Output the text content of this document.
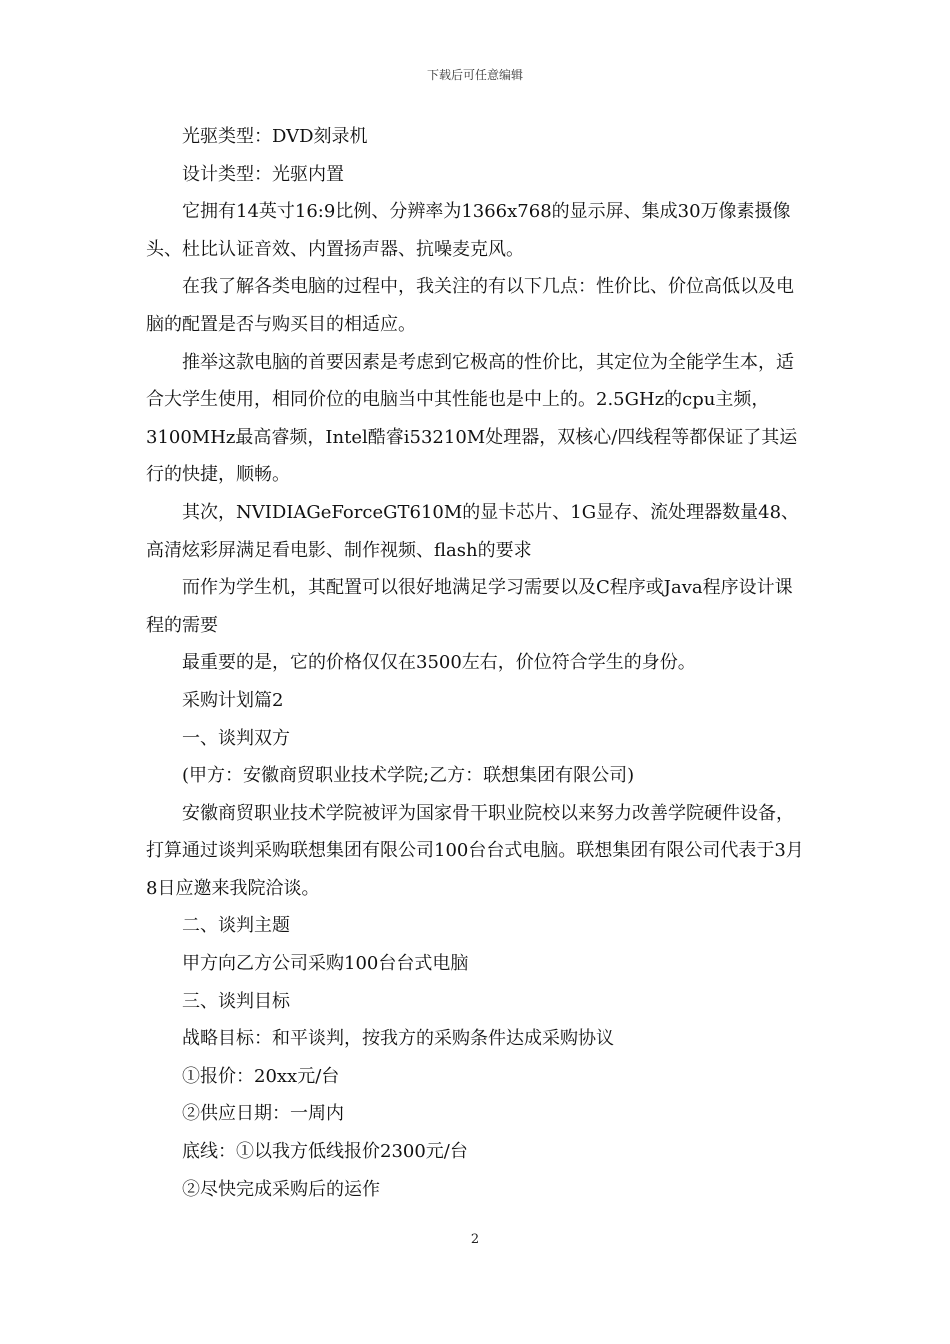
下载后可任意编辑

光驱类型：DVD刻录机

设计类型：光驱内置

它拥有14英寸16:9比例、分辨率为1366x768的显示屏、集成30万像素摄像头、杜比认证音效、内置扬声器、抗噪麦克风。

在我了解各类电脑的过程中，我关注的有以下几点：性价比、价位高低以及电脑的配置是否与购买目的相适应。

推举这款电脑的首要因素是考虑到它极高的性价比，其定位为全能学生本，适合大学生使用，相同价位的电脑当中其性能也是中上的。2.5GHz的cpu主频，3100MHz最高睿频，Intel酷睿i53210M处理器，双核心/四线程等都保证了其运行的快捷，顺畅。

其次，NVIDIAGeForceGT610M的显卡芯片、1G显存、流处理器数量48、高清炫彩屏满足看电影、制作视频、flash的要求

而作为学生机，其配置可以很好地满足学习需要以及C程序或Java程序设计课程的需要

最重要的是，它的价格仅仅在3500左右，价位符合学生的身份。

采购计划篇2

一、谈判双方

(甲方：安徽商贸职业技术学院;乙方：联想集团有限公司)

安徽商贸职业技术学院被评为国家骨干职业院校以来努力改善学院硬件设备，打算通过谈判采购联想集团有限公司100台台式电脑。联想集团有限公司代表于3月8日应邀来我院洽谈。

二、谈判主题

甲方向乙方公司采购100台台式电脑

三、谈判目标

战略目标：和平谈判，按我方的采购条件达成采购协议

①报价：20xx元/台

②供应日期：一周内

底线：①以我方低线报价2300元/台

②尽快完成采购后的运作

2
